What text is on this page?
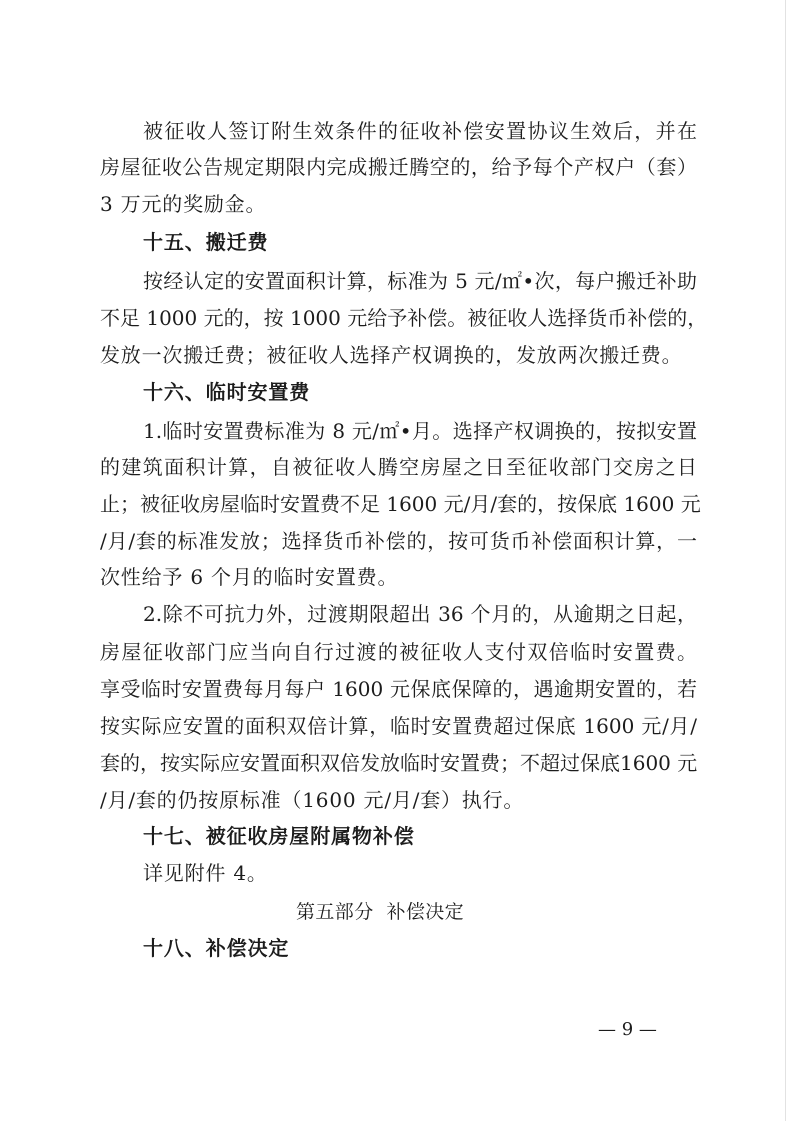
被征收人签订附生效条件的征收补偿安置协议生效后，并在
房屋征收公告规定期限内完成搬迁腾空的，给予每个产权户（套）
3 万元的奖励金。
十五、搬迁费
按经认定的安置面积计算，标准为 5 元/㎡•次，每户搬迁补助
不足 1000 元的，按 1000 元给予补偿。被征收人选择货币补偿的，
发放一次搬迁费；被征收人选择产权调换的，发放两次搬迁费。
十六、临时安置费
1.临时安置费标准为 8 元/㎡•月。选择产权调换的，按拟安置
的建筑面积计算，自被征收人腾空房屋之日至征收部门交房之日
止；被征收房屋临时安置费不足 1600 元/月/套的，按保底 1600 元
/月/套的标准发放；选择货币补偿的，按可货币补偿面积计算，一
次性给予 6 个月的临时安置费。
2.除不可抗力外，过渡期限超出 36 个月的，从逾期之日起，
房屋征收部门应当向自行过渡的被征收人支付双倍临时安置费。
享受临时安置费每月每户 1600 元保底保障的，遇逾期安置的，若
按实际应安置的面积双倍计算，临时安置费超过保底 1600 元/月/
套的，按实际应安置面积双倍发放临时安置费；不超过保底1600 元
/月/套的仍按原标准（1600 元/月/套）执行。
十七、被征收房屋附属物补偿
详见附件 4。
第五部分  补偿决定
十八、补偿决定
— 9 —
